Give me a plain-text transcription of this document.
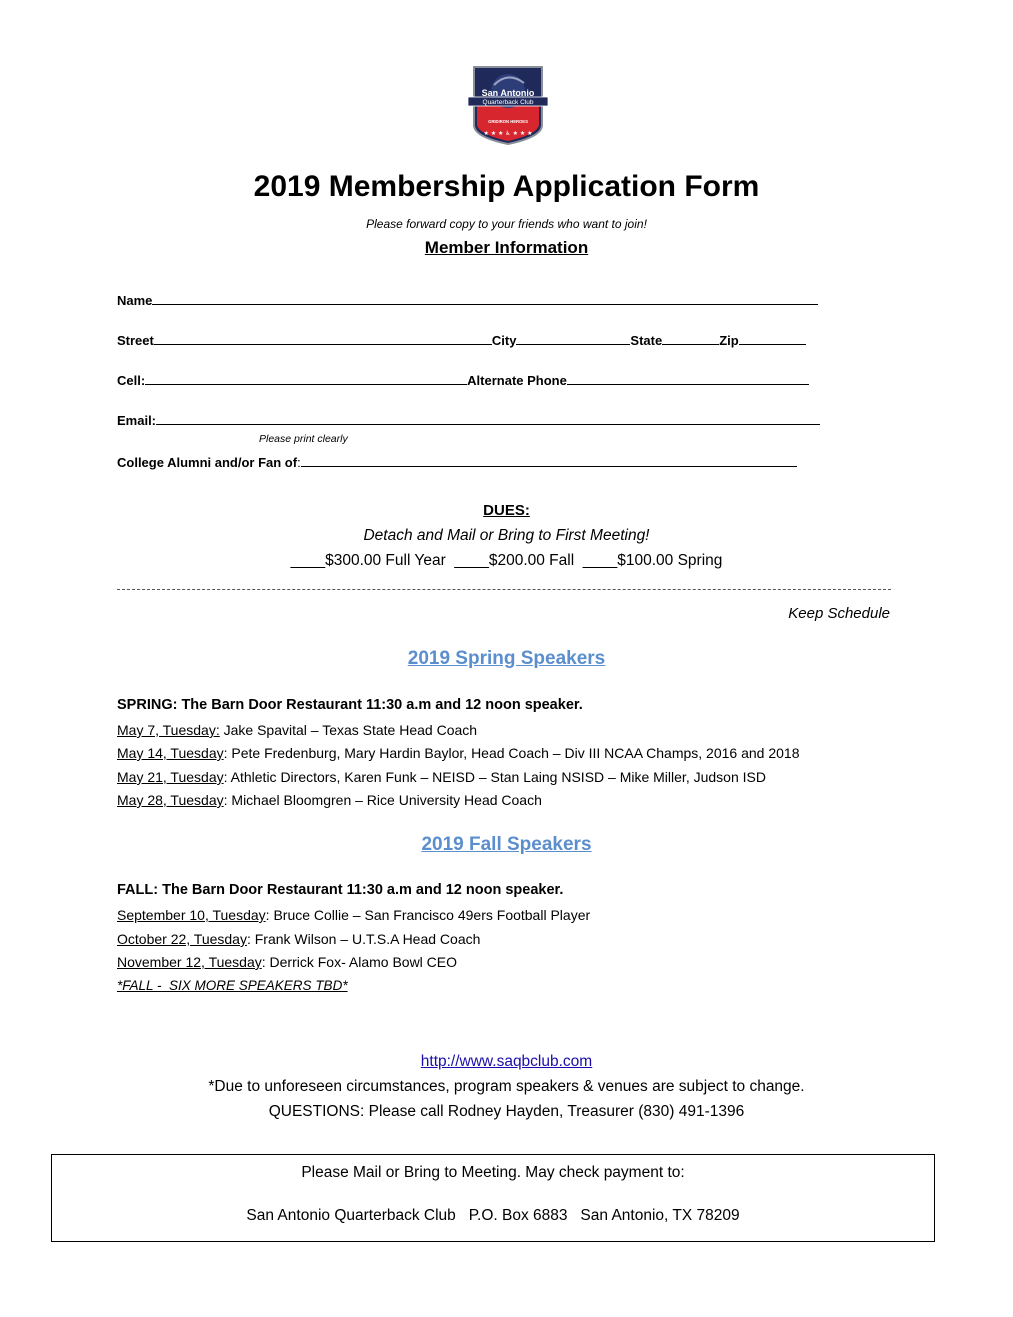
San Antonio
Quarterback Club
GRIDIRON HEROES
★ ★ ★ ♿ ★ ★ ★
2019 Membership Application Form
Please forward copy to your friends who want to join!
Member Information
Name
Street	City	State	Zip
Cell:	Alternate Phone
Email:
Please print clearly
College Alumni and/or Fan of:
DUES:
Detach and Mail or Bring to First Meeting!
____$300.00 Full Year  ____$200.00 Fall  ____$100.00 Spring
Keep Schedule
2019 Spring Speakers
SPRING: The Barn Door Restaurant 11:30 a.m and 12 noon speaker.
May 7, Tuesday: Jake Spavital – Texas State Head Coach
May 14, Tuesday: Pete Fredenburg, Mary Hardin Baylor, Head Coach – Div III NCAA Champs, 2016 and 2018
May 21, Tuesday: Athletic Directors, Karen Funk – NEISD – Stan Laing NSISD – Mike Miller, Judson ISD
May 28, Tuesday: Michael Bloomgren – Rice University Head Coach
2019 Fall Speakers
FALL: The Barn Door Restaurant 11:30 a.m and 12 noon speaker.
September 10, Tuesday: Bruce Collie – San Francisco 49ers Football Player
October 22, Tuesday: Frank Wilson – U.T.S.A Head Coach
November 12, Tuesday: Derrick Fox- Alamo Bowl CEO
*FALL -  SIX MORE SPEAKERS TBD*
http://www.saqbclub.com
*Due to unforeseen circumstances, program speakers & venues are subject to change.
QUESTIONS: Please call Rodney Hayden, Treasurer (830) 491-1396
Please Mail or Bring to Meeting. May check payment to:
San Antonio Quarterback Club   P.O. Box 6883   San Antonio, TX 78209
